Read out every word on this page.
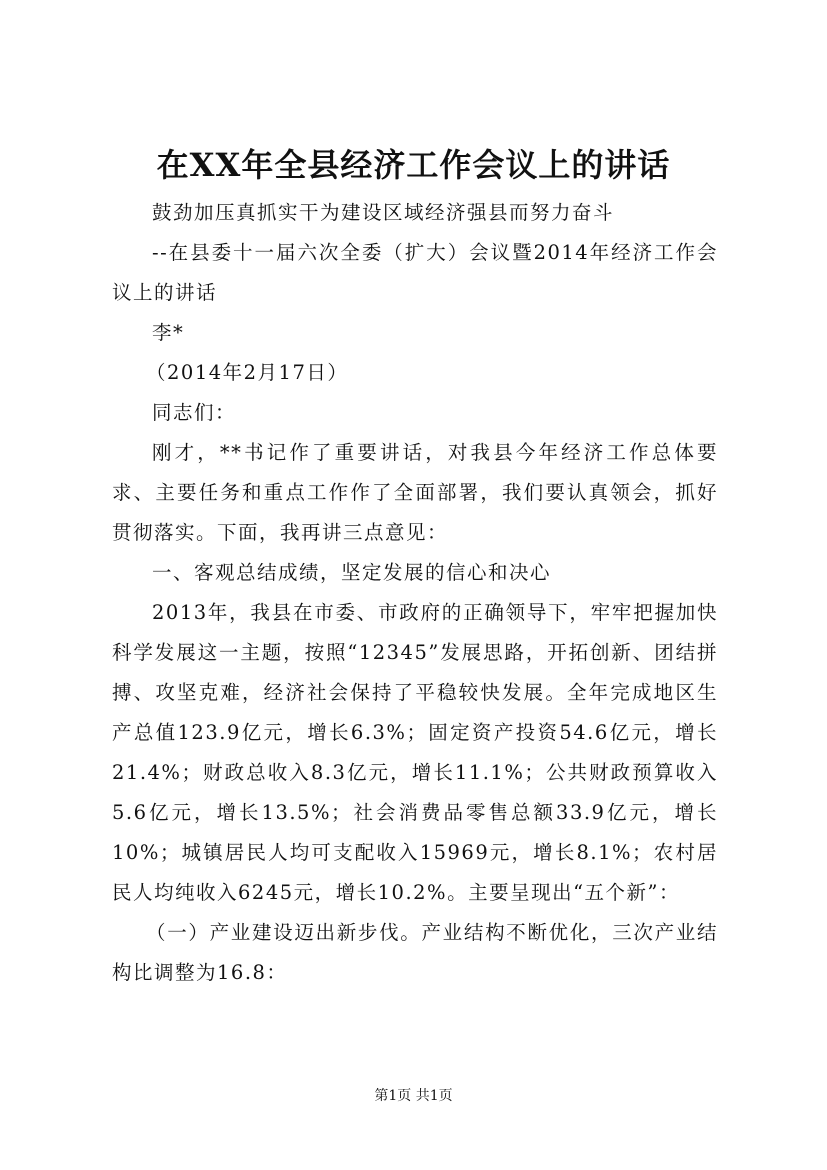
在XX年全县经济工作会议上的讲话

鼓劲加压真抓实干为建设区域经济强县而努力奋斗

--在县委十一届六次全委（扩大）会议暨2014年经济工作会议上的讲话

李*

（2014年2月17日）

同志们：

刚才，**书记作了重要讲话，对我县今年经济工作总体要求、主要任务和重点工作作了全面部署，我们要认真领会，抓好贯彻落实。下面，我再讲三点意见：

一、客观总结成绩，坚定发展的信心和决心

2013年，我县在市委、市政府的正确领导下，牢牢把握加快科学发展这一主题，按照“12345”发展思路，开拓创新、团结拼搏、攻坚克难，经济社会保持了平稳较快发展。全年完成地区生产总值123.9亿元，增长6.3%；固定资产投资54.6亿元，增长21.4%；财政总收入8.3亿元，增长11.1%；公共财政预算收入5.6亿元，增长13.5%；社会消费品零售总额33.9亿元，增长10%；城镇居民人均可支配收入15969元，增长8.1%；农村居民人均纯收入6245元，增长10.2%。主要呈现出“五个新”：

（一）产业建设迈出新步伐。产业结构不断优化，三次产业结构比调整为16.8：

第1页 共1页
